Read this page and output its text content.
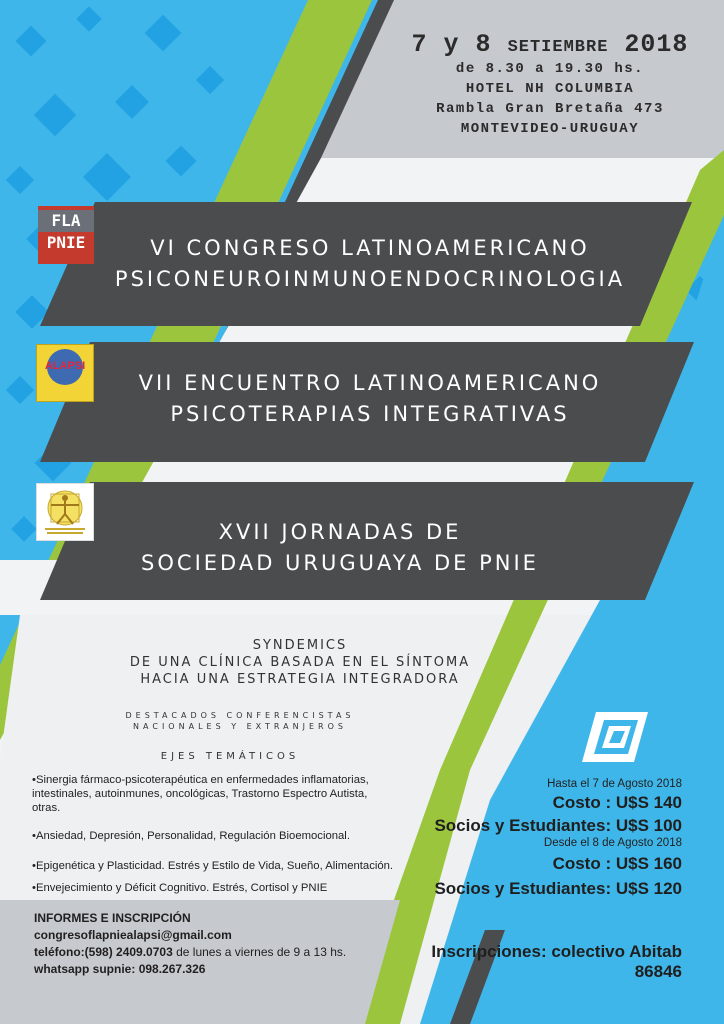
7 y 8 SETIEMBRE 2018
de 8.30 a 19.30 hs.
HOTEL NH COLUMBIA
Rambla Gran Bretaña 473
MONTEVIDEO-URUGUAY
FLA
PNIE
ALAPSI
VI CONGRESO LATINOAMERICANO
PSICONEUROINMUNOENDOCRINOLOGIA
VII ENCUENTRO LATINOAMERICANO
PSICOTERAPIAS INTEGRATIVAS
XVII JORNADAS DE
SOCIEDAD URUGUAYA DE PNIE
SYNDEMICS
DE UNA CLÍNICA BASADA EN EL SÍNTOMA
HACIA UNA ESTRATEGIA INTEGRADORA
DESTACADOS CONFERENCISTAS
NACIONALES Y EXTRANJEROS
EJES TEMÁTICOS
•Sinergia fármaco-psicoterapéutica en enfermedades inflamatorias, intestinales, autoinmunes, oncológicas, Trastorno Espectro Autista, otras.
•Ansiedad, Depresión, Personalidad, Regulación Bioemocional.
•Epigenética y Plasticidad. Estrés y Estilo de Vida, Sueño, Alimentación.
•Envejecimiento y Déficit Cognitivo. Estrés, Cortisol y PNIE
Hasta el 7 de Agosto 2018
Costo : U$S 140
Socios y Estudiantes: U$S 100
Desde el 8 de Agosto 2018
Costo : U$S 160
Socios y Estudiantes: U$S 120
Inscripciones: colectivo Abitab 86846
INFORMES E INSCRIPCIÓN
congresoflapniealapsi@gmail.com
teléfono:(598) 2409.0703 de lunes a viernes de 9 a 13 hs.
whatsapp supnie: 098.267.326
